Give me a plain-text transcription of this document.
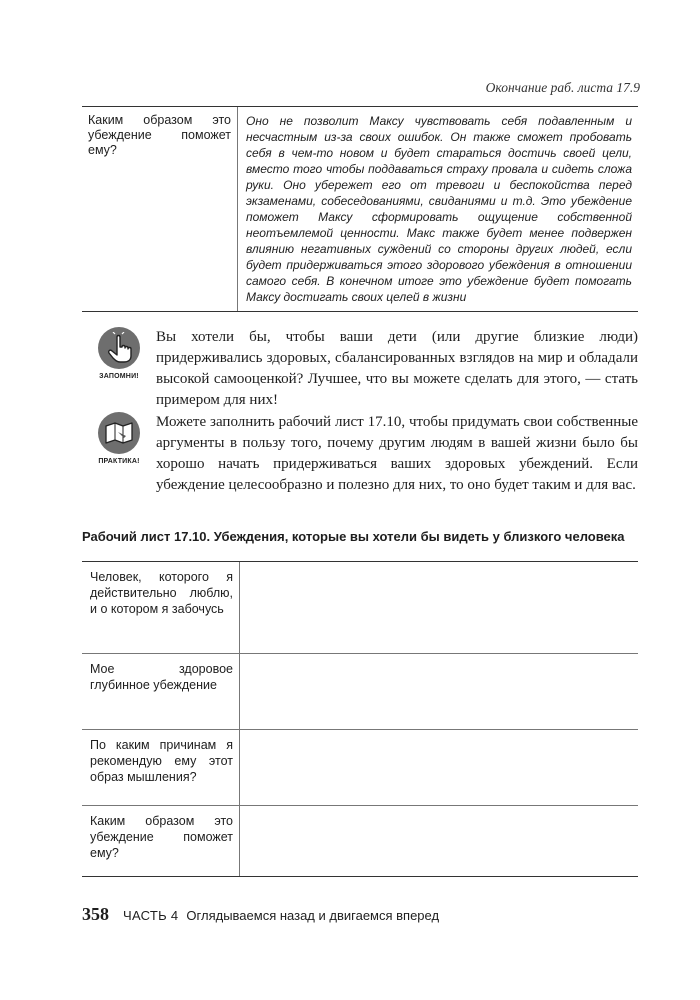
Окончание раб. листа 17.9
Каким образом это убеждение поможет ему?
Оно не позволит Максу чувствовать себя подавленным и несчастным из-за своих ошибок. Он также сможет пробовать себя в чем-то новом и будет стараться достичь своей цели, вместо того чтобы поддаваться страху провала и сидеть сложа руки. Оно убережет его от тревоги и беспокойства перед экзаменами, собеседованиями, свиданиями и т.д. Это убеждение поможет Максу сформировать ощущение собственной неотъемлемой ценности. Макс также будет менее подвержен влиянию негативных суждений со стороны других людей, если будет придерживаться этого здорового убеждения в отношении самого себя. В конечном итоге это убеждение будет помогать Максу достигать своих целей в жизни
ЗАПОМНИ!
Вы хотели бы, чтобы ваши дети (или другие близкие люди) придерживались здоровых, сбалансированных взглядов на мир и обладали высокой самооценкой? Лучшее, что вы можете сделать для этого, — стать примером для них!
ПРАКТИКА!
Можете заполнить рабочий лист 17.10, чтобы придумать свои собственные аргументы в пользу того, почему другим людям в вашей жизни было бы хорошо начать придерживаться ваших здоровых убеждений. Если убеждение целесообразно и полезно для них, то оно будет таким и для вас.
Рабочий лист 17.10. Убеждения, которые вы хотели бы видеть у близкого человека
Человек, которого я действительно люблю, и о котором я забочусь
Мое здоровое глубинное убеждение
По каким причинам я рекомендую ему этот образ мышления?
Каким образом это убеждение поможет ему?
358 ЧАСТЬ 4 Оглядываемся назад и двигаемся вперед
